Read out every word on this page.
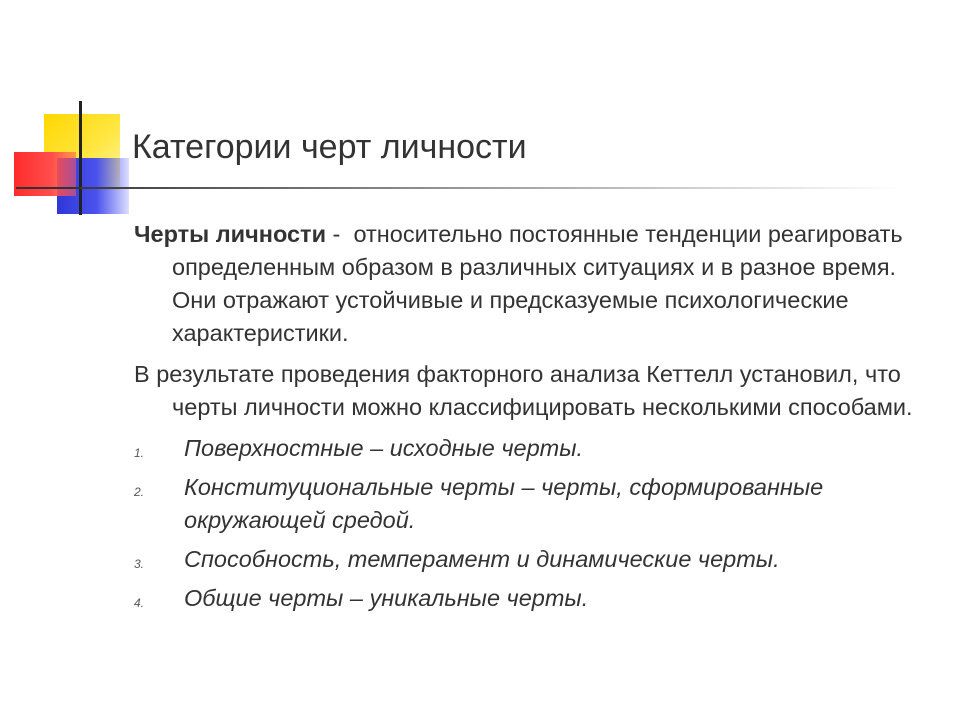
Категории черт личности

Черты личности -  относительно постоянные тенденции реагировать определенным образом в различных ситуациях и в разное время. Они отражают устойчивые и предсказуемые психологические характеристики.

В результате проведения факторного анализа Кеттелл установил, что черты личности можно классифицировать несколькими способами.

1. Поверхностные – исходные черты.
2. Конституциональные черты – черты, сформированные окружающей средой.
3. Способность, темперамент и динамические черты.
4. Общие черты – уникальные черты.
